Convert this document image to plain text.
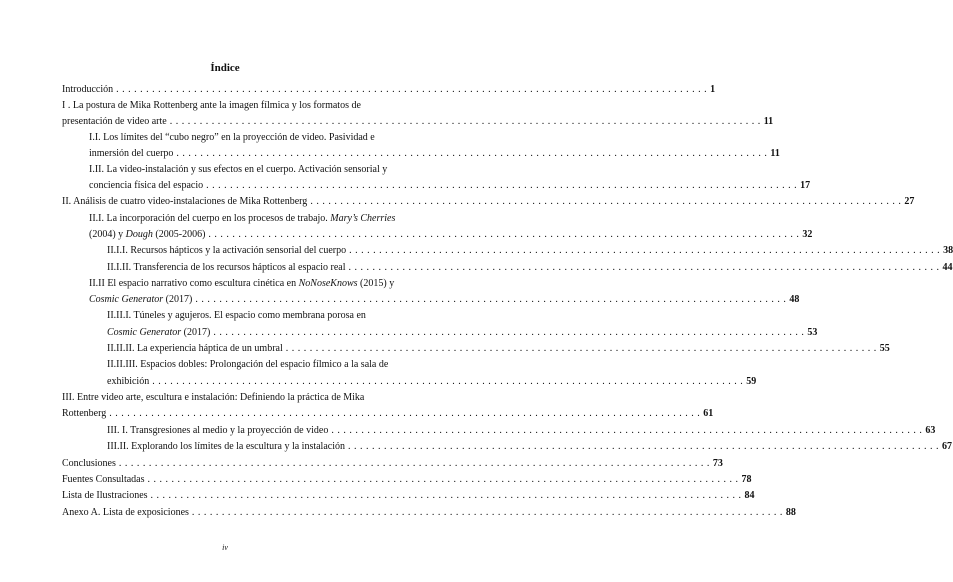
Índice
Introducción . . . . . . . . . . . . . . . . . . . . . . . . . . . . . . . . . . . . . . . . . . . . . . . . . . . . . . . . . . . . . . . . . . . . . . . . . . . . . . . . . . . . . . . . . . . . . . . . . . . 1
I . La postura de Mika Rottenberg ante la imagen fílmica y los formatos de
presentación de video arte . . . . . . . . . . . . . . . . . . . . . . . . . . . . . . . . . . . . . . . . . . . . . . . . . . . . . . . . . . . . . . . . . . . . . . . . . . . . . . . . . . . . . . . . . . . . . . . . . . . 11
I.I. Los límites del “cubo negro” en la proyección de video. Pasividad e
inmersión del cuerpo . . . . . . . . . . . . . . . . . . . . . . . . . . . . . . . . . . . . . . . . . . . . . . . . . . . . . . . . . . . . . . . . . . . . . . . . . . . . . . . . . . . . . . . . . . . . . . . . . . . 11
I.II. La video-instalación y sus efectos en el cuerpo. Activación sensorial y
conciencia física del espacio . . . . . . . . . . . . . . . . . . . . . . . . . . . . . . . . . . . . . . . . . . . . . . . . . . . . . . . . . . . . . . . . . . . . . . . . . . . . . . . . . . . . . . . . . . . . . . . . . . . 17
II. Análisis de cuatro video-instalaciones de Mika Rottenberg . . . . . . . . . . . . . . . . . . . . . . . . . . . . . . . . . . . . . . . . . . . . . . . . . . . . . . . . . . . . . . . . . . . . . . . . . . . . . . . . . . . . . . . . . . . . . . . . . . . 27
II.I. La incorporación del cuerpo en los procesos de trabajo. Mary’s Cherries
(2004) y Dough (2005-2006) . . . . . . . . . . . . . . . . . . . . . . . . . . . . . . . . . . . . . . . . . . . . . . . . . . . . . . . . . . . . . . . . . . . . . . . . . . . . . . . . . . . . . . . . . . . . . . . . . . . 32
II.I.I. Recursos hápticos y la activación sensorial del cuerpo . . . . . . . . . . . . . . . . . . . . . . . . . . . . . . . . . . . . . . . . . . . . . . . . . . . . . . . . . . . . . . . . . . . . . . . . . . . . . . . . . . . . . . . . . . . . . . . . . . . 38
II.I.II. Transferencia de los recursos hápticos al espacio real . . . . . . . . . . . . . . . . . . . . . . . . . . . . . . . . . . . . . . . . . . . . . . . . . . . . . . . . . . . . . . . . . . . . . . . . . . . . . . . . . . . . . . . . . . . . . . . . . . . 44
II.II El espacio narrativo como escultura cinética en NoNoseKnows (2015) y
Cosmic Generator (2017) . . . . . . . . . . . . . . . . . . . . . . . . . . . . . . . . . . . . . . . . . . . . . . . . . . . . . . . . . . . . . . . . . . . . . . . . . . . . . . . . . . . . . . . . . . . . . . . . . . . 48
II.II.I. Túneles y agujeros. El espacio como membrana porosa en
Cosmic Generator (2017) . . . . . . . . . . . . . . . . . . . . . . . . . . . . . . . . . . . . . . . . . . . . . . . . . . . . . . . . . . . . . . . . . . . . . . . . . . . . . . . . . . . . . . . . . . . . . . . . . . . 53
II.II.II. La experiencia háptica de un umbral . . . . . . . . . . . . . . . . . . . . . . . . . . . . . . . . . . . . . . . . . . . . . . . . . . . . . . . . . . . . . . . . . . . . . . . . . . . . . . . . . . . . . . . . . . . . . . . . . . . 55
II.II.III. Espacios dobles: Prolongación del espacio fílmico a la sala de
exhibición . . . . . . . . . . . . . . . . . . . . . . . . . . . . . . . . . . . . . . . . . . . . . . . . . . . . . . . . . . . . . . . . . . . . . . . . . . . . . . . . . . . . . . . . . . . . . . . . . . . 59
III. Entre video arte, escultura e instalación: Definiendo la práctica de Mika
Rottenberg . . . . . . . . . . . . . . . . . . . . . . . . . . . . . . . . . . . . . . . . . . . . . . . . . . . . . . . . . . . . . . . . . . . . . . . . . . . . . . . . . . . . . . . . . . . . . . . . . . . 61
III. I. Transgresiones al medio y la proyección de video . . . . . . . . . . . . . . . . . . . . . . . . . . . . . . . . . . . . . . . . . . . . . . . . . . . . . . . . . . . . . . . . . . . . . . . . . . . . . . . . . . . . . . . . . . . . . . . . . . . 63
III.II. Explorando los límites de la escultura y la instalación . . . . . . . . . . . . . . . . . . . . . . . . . . . . . . . . . . . . . . . . . . . . . . . . . . . . . . . . . . . . . . . . . . . . . . . . . . . . . . . . . . . . . . . . . . . . . . . . . . . 67
Conclusiones . . . . . . . . . . . . . . . . . . . . . . . . . . . . . . . . . . . . . . . . . . . . . . . . . . . . . . . . . . . . . . . . . . . . . . . . . . . . . . . . . . . . . . . . . . . . . . . . . . . 73
Fuentes Consultadas . . . . . . . . . . . . . . . . . . . . . . . . . . . . . . . . . . . . . . . . . . . . . . . . . . . . . . . . . . . . . . . . . . . . . . . . . . . . . . . . . . . . . . . . . . . . . . . . . . . 78
Lista de Ilustraciones . . . . . . . . . . . . . . . . . . . . . . . . . . . . . . . . . . . . . . . . . . . . . . . . . . . . . . . . . . . . . . . . . . . . . . . . . . . . . . . . . . . . . . . . . . . . . . . . . . . 84
Anexo A. Lista de exposiciones . . . . . . . . . . . . . . . . . . . . . . . . . . . . . . . . . . . . . . . . . . . . . . . . . . . . . . . . . . . . . . . . . . . . . . . . . . . . . . . . . . . . . . . . . . . . . . . . . . . 88
iv
